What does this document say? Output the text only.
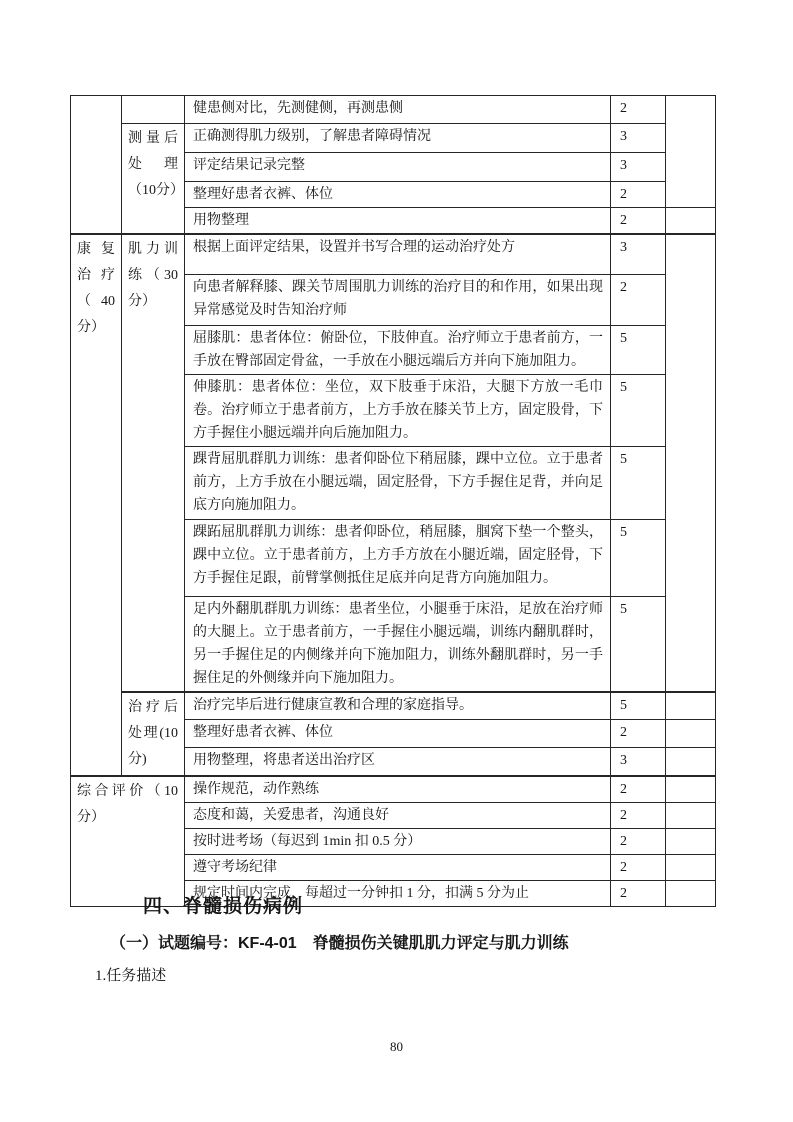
		健患侧对比，先测健侧，再测患侧	2	
	测量后处理（10分）	正确测得肌力级别，了解患者障碍情况	3	
		评定结果记录完整	3	
		整理好患者衣裤、体位	2	
		用物整理	2	
康复治疗（40 分）	肌力训练（30 分）	根据上面评定结果，设置并书写合理的运动治疗处方	3	
		向患者解释膝、踝关节周围肌力训练的治疗目的和作用，如果出现异常感觉及时告知治疗师	2	
		屈膝肌：患者体位：俯卧位，下肢伸直。治疗师立于患者前方，一手放在臀部固定骨盆，一手放在小腿远端后方并向下施加阻力。	5	
		伸膝肌：患者体位：坐位，双下肢垂于床沿，大腿下方放一毛巾卷。治疗师立于患者前方，上方手放在膝关节上方，固定股骨，下方手握住小腿远端并向后施加阻力。	5	
		踝背屈肌群肌力训练：患者仰卧位下稍屈膝，踝中立位。立于患者前方，上方手放在小腿远端，固定胫骨，下方手握住足背，并向足底方向施加阻力。	5	
		踝跖屈肌群肌力训练：患者仰卧位，稍屈膝，腘窝下垫一个整头，踝中立位。立于患者前方，上方手方放在小腿近端，固定胫骨，下方手握住足跟，前臂掌侧抵住足底并向足背方向施加阻力。	5	
		足内外翻肌群肌力训练：患者坐位，小腿垂于床沿，足放在治疗师的大腿上。立于患者前方，一手握住小腿远端，训练内翻肌群时，另一手握住足的内侧缘并向下施加阻力，训练外翻肌群时，另一手握住足的外侧缘并向下施加阻力。	5	
	治疗后处理(10 分)	治疗完毕后进行健康宣教和合理的家庭指导。	5	
		整理好患者衣裤、体位	2	
		用物整理，将患者送出治疗区	3	
综合评价（10 分）		操作规范，动作熟练	2	
		态度和蔼，关爱患者，沟通良好	2	
		按时进考场（每迟到 1min 扣 0.5 分）	2	
		遵守考场纪律	2	
		规定时间内完成，每超过一分钟扣 1 分，扣满 5 分为止	2	
四、脊髓损伤病例
（一）试题编号：KF-4-01　脊髓损伤关键肌肌力评定与肌力训练
1.任务描述
80
